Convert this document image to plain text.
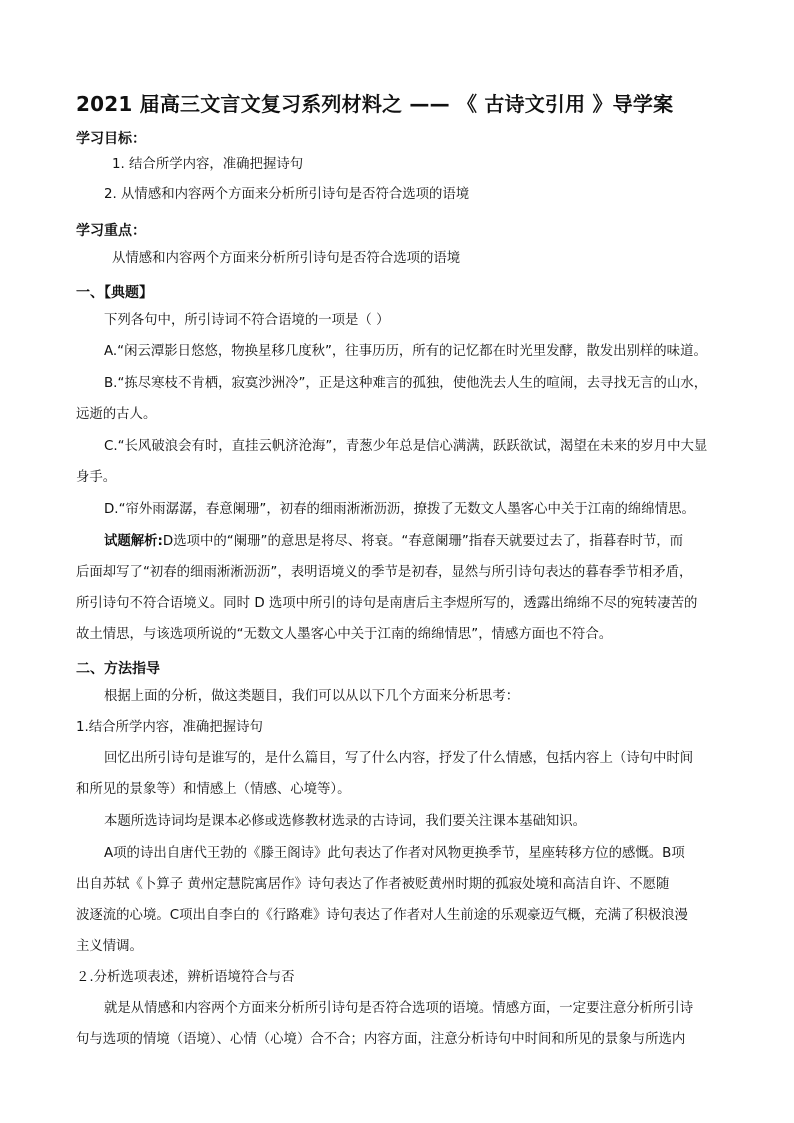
2021 届高三文言文复习系列材料之 —— 《 古诗文引用 》导学案
学习目标：
1. 结合所学内容，准确把握诗句
2. 从情感和内容两个方面来分析所引诗句是否符合选项的语境
学习重点：
从情感和内容两个方面来分析所引诗句是否符合选项的语境
一、【典题】
下列各句中，所引诗词不符合语境的一项是（ ）
A.“闲云潭影日悠悠，物换星移几度秋”，往事历历，所有的记忆都在时光里发酵，散发出别样的味道。
B.“拣尽寒枝不肯栖，寂寞沙洲冷”，正是这种难言的孤独，使他洗去人生的喧闹，去寻找无言的山水，
远逝的古人。
C.“长风破浪会有时，直挂云帆济沧海”，青葱少年总是信心满满，跃跃欲试，渴望在未来的岁月中大显
身手。
D.“帘外雨潺潺，春意阑珊”，初春的细雨淅淅沥沥，撩拨了无数文人墨客心中关于江南的绵绵情思。
试题解析:D选项中的“阑珊”的意思是将尽、将衰。“春意阑珊”指春天就要过去了，指暮春时节，而
后面却写了“初春的细雨淅淅沥沥”，表明语境义的季节是初春，显然与所引诗句表达的暮春季节相矛盾，
所引诗句不符合语境义。同时 D 选项中所引的诗句是南唐后主李煜所写的，透露出绵绵不尽的宛转凄苦的
故土情思，与该选项所说的“无数文人墨客心中关于江南的绵绵情思”，情感方面也不符合。
二、方法指导
根据上面的分析，做这类题目，我们可以从以下几个方面来分析思考：
1.结合所学内容，准确把握诗句
回忆出所引诗句是谁写的，是什么篇目，写了什么内容，抒发了什么情感，包括内容上（诗句中时间
和所见的景象等）和情感上（情感、心境等）。
本题所选诗词均是课本必修或选修教材选录的古诗词，我们要关注课本基础知识。
A项的诗出自唐代王勃的《滕王阁诗》此句表达了作者对风物更换季节，星座转移方位的感慨。B项
出自苏轼《卜算子 黄州定慧院寓居作》诗句表达了作者被贬黄州时期的孤寂处境和高洁自许、不愿随
波逐流的心境。C项出自李白的《行路难》诗句表达了作者对人生前途的乐观豪迈气概，充满了积极浪漫
主义情调。
２.分析选项表述，辨析语境符合与否
就是从情感和内容两个方面来分析所引诗句是否符合选项的语境。情感方面，一定要注意分析所引诗
句与选项的情境（语境）、心情（心境）合不合；内容方面，注意分析诗句中时间和所见的景象与所选内
